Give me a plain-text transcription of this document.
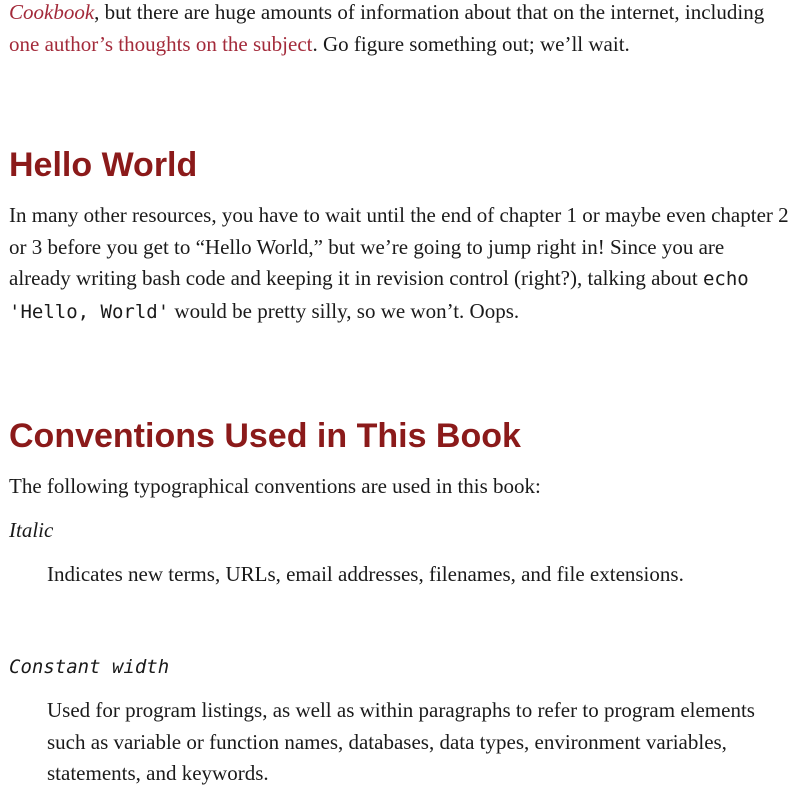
Cookbook, but there are huge amounts of information about that on the internet, including one author’s thoughts on the subject. Go figure something out; we’ll wait.

Hello World

In many other resources, you have to wait until the end of chapter 1 or maybe even chapter 2 or 3 before you get to “Hello World,” but we’re going to jump right in! Since you are already writing bash code and keeping it in revision control (right?), talking about echo 'Hello, World' would be pretty silly, so we won’t. Oops.

Conventions Used in This Book

The following typographical conventions are used in this book:

Italic

Indicates new terms, URLs, email addresses, filenames, and file extensions.

Constant width

Used for program listings, as well as within paragraphs to refer to program elements such as variable or function names, databases, data types, environment variables, statements, and keywords.
